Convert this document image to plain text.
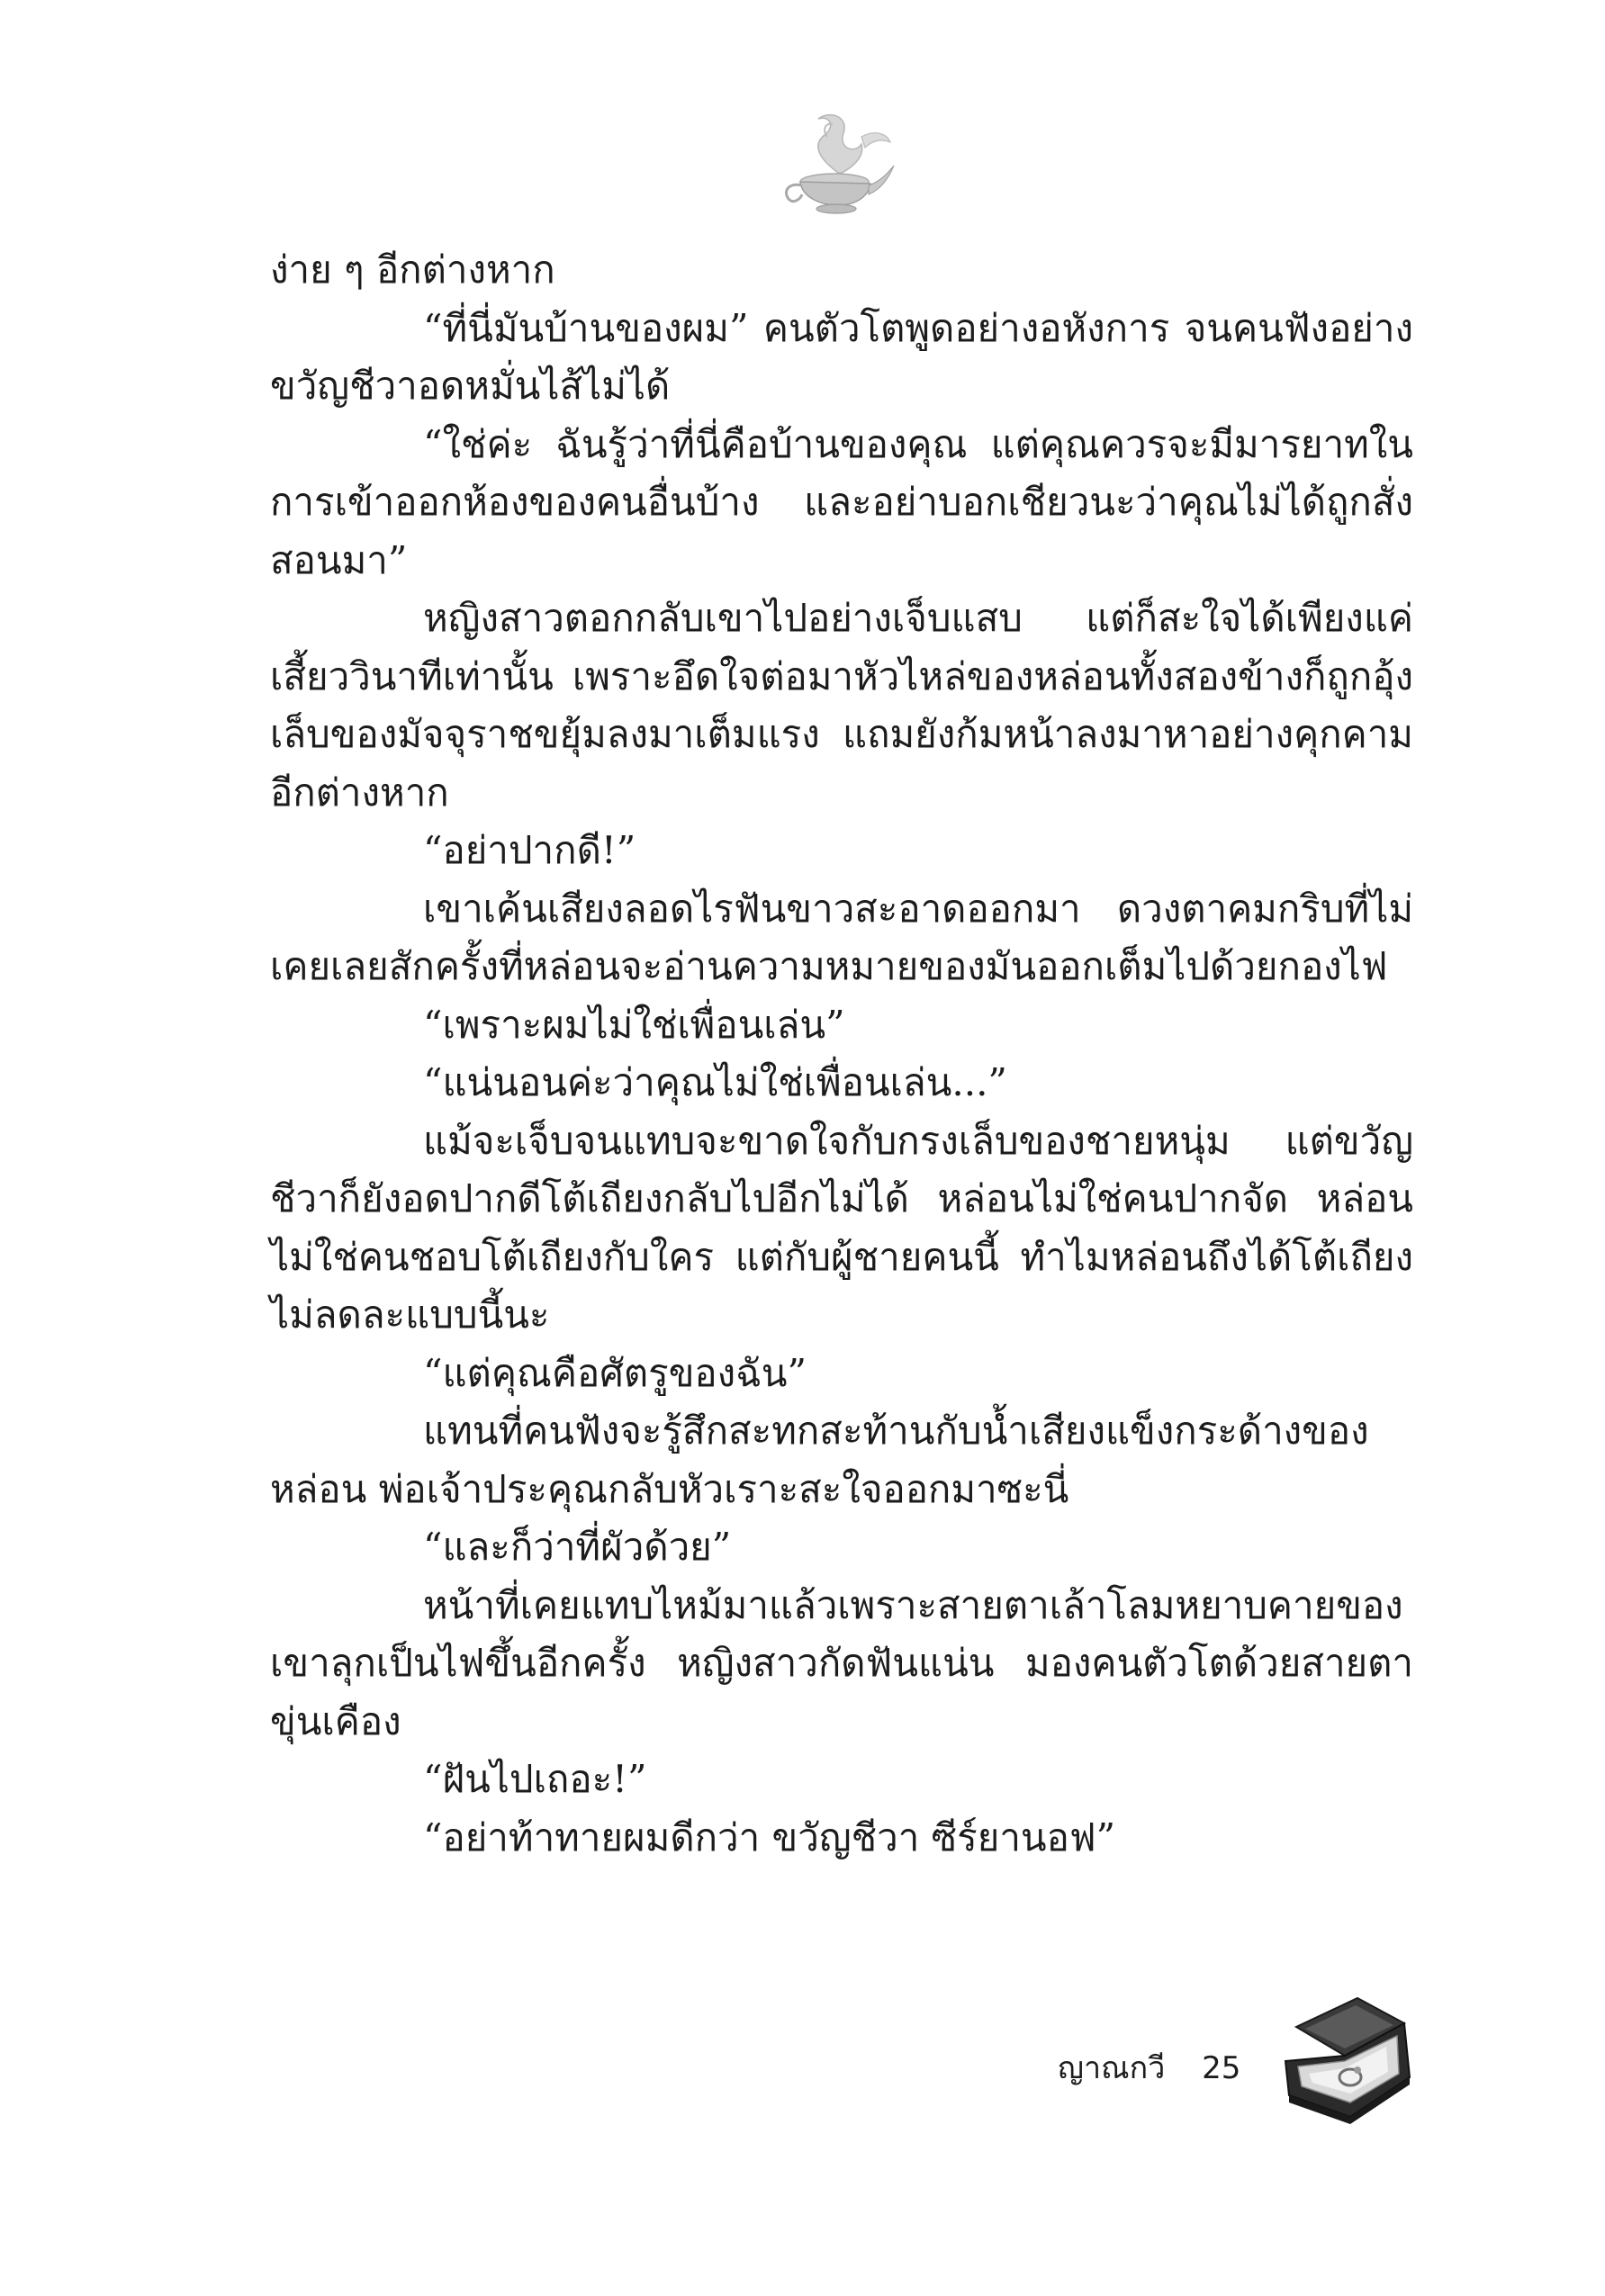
ง่าย ๆ อีกต่างหาก

“ที่นี่มันบ้านของผม” คนตัวโตพูดอย่างอหังการ จนคนฟังอย่างขวัญชีวาอดหมั่นไส้ไม่ได้

“ใช่ค่ะ ฉันรู้ว่าที่นี่คือบ้านของคุณ แต่คุณควรจะมีมารยาทในการเข้าออกห้องของคนอื่นบ้าง และอย่าบอกเชียวนะว่าคุณไม่ได้ถูกสั่งสอนมา”

หญิงสาวตอกกลับเขาไปอย่างเจ็บแสบ แต่ก็สะใจได้เพียงแค่เสี้ยววินาทีเท่านั้น เพราะอึดใจต่อมาหัวไหล่ของหล่อนทั้งสองข้างก็ถูกอุ้งเล็บของมัจจุราชขยุ้มลงมาเต็มแรง แถมยังก้มหน้าลงมาหาอย่างคุกคามอีกต่างหาก

“อย่าปากดี!”

เขาเค้นเสียงลอดไรฟันขาวสะอาดออกมา ดวงตาคมกริบที่ไม่เคยเลยสักครั้งที่หล่อนจะอ่านความหมายของมันออกเต็มไปด้วยกองไฟ

“เพราะผมไม่ใช่เพื่อนเล่น”

“แน่นอนค่ะว่าคุณไม่ใช่เพื่อนเล่น...”

แม้จะเจ็บจนแทบจะขาดใจกับกรงเล็บของชายหนุ่ม แต่ขวัญชีวาก็ยังอดปากดีโต้เถียงกลับไปอีกไม่ได้ หล่อนไม่ใช่คนปากจัด หล่อนไม่ใช่คนชอบโต้เถียงกับใคร แต่กับผู้ชายคนนี้ ทำไมหล่อนถึงได้โต้เถียงไม่ลดละแบบนี้นะ

“แต่คุณคือศัตรูของฉัน”

แทนที่คนฟังจะรู้สึกสะทกสะท้านกับน้ำเสียงแข็งกระด้างของหล่อน พ่อเจ้าประคุณกลับหัวเราะสะใจออกมาซะนี่

“และก็ว่าที่ผัวด้วย”

หน้าที่เคยแทบไหม้มาแล้วเพราะสายตาเล้าโลมหยาบคายของเขาลุกเป็นไฟขึ้นอีกครั้ง หญิงสาวกัดฟันแน่น มองคนตัวโตด้วยสายตาขุ่นเคือง

“ฝันไปเถอะ!”

“อย่าท้าทายผมดีกว่า ขวัญชีวา ซีร์ยานอฟ”

ญาณกวี 25
